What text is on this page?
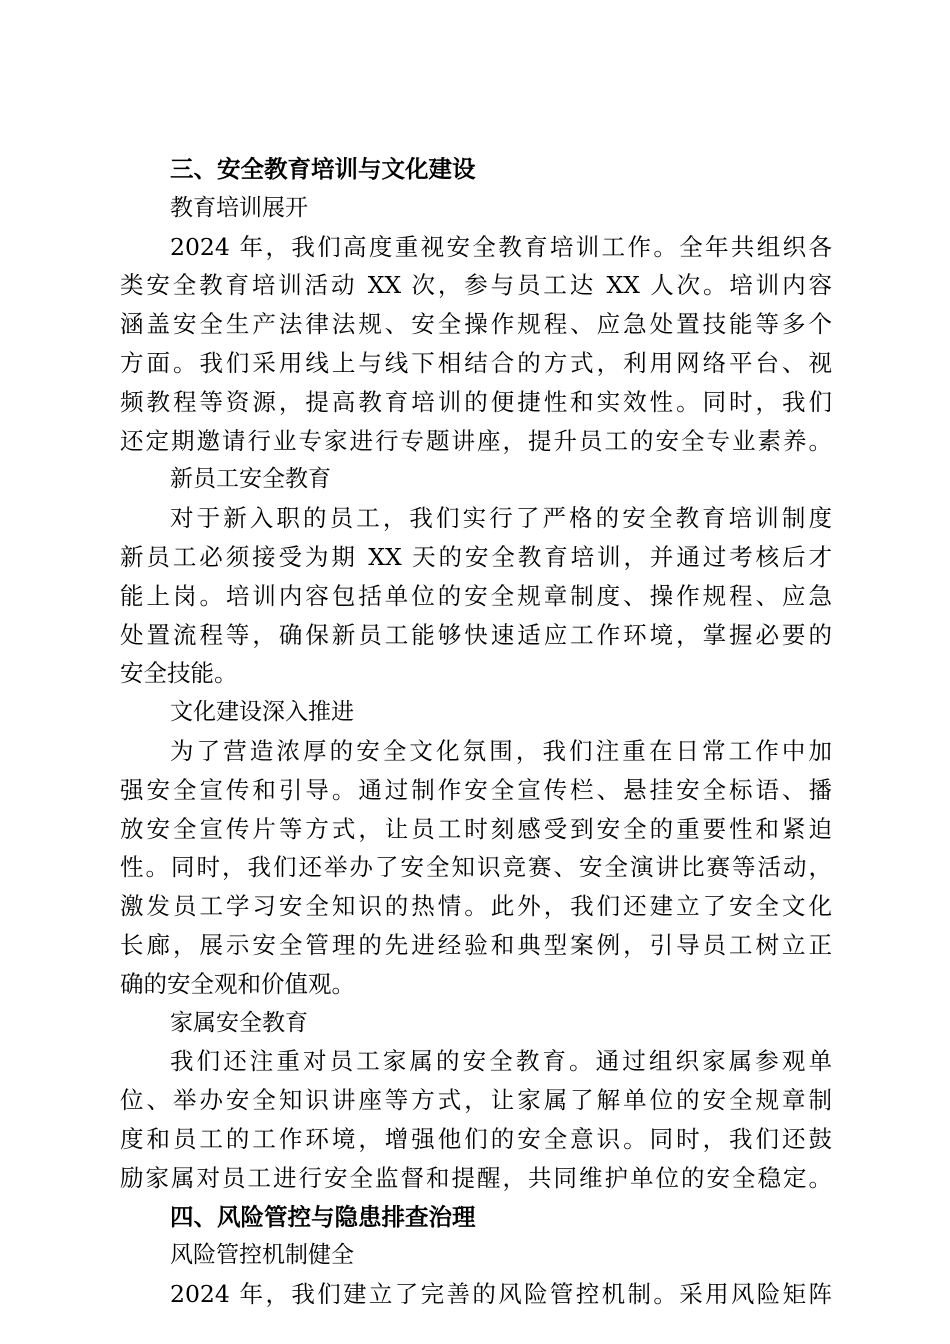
三、安全教育培训与文化建设
教育培训展开
2024 年，我们高度重视安全教育培训工作。全年共组织各
类安全教育培训活动 XX 次，参与员工达 XX 人次。培训内容
涵盖安全生产法律法规、安全操作规程、应急处置技能等多个
方面。我们采用线上与线下相结合的方式，利用网络平台、视
频教程等资源，提高教育培训的便捷性和实效性。同时，我们
还定期邀请行业专家进行专题讲座，提升员工的安全专业素养。
新员工安全教育
对于新入职的员工，我们实行了严格的安全教育培训制度
新员工必须接受为期 XX 天的安全教育培训，并通过考核后才
能上岗。培训内容包括单位的安全规章制度、操作规程、应急
处置流程等，确保新员工能够快速适应工作环境，掌握必要的
安全技能。
文化建设深入推进
为了营造浓厚的安全文化氛围，我们注重在日常工作中加
强安全宣传和引导。通过制作安全宣传栏、悬挂安全标语、播
放安全宣传片等方式，让员工时刻感受到安全的重要性和紧迫
性。同时，我们还举办了安全知识竞赛、安全演讲比赛等活动，
激发员工学习安全知识的热情。此外，我们还建立了安全文化
长廊，展示安全管理的先进经验和典型案例，引导员工树立正
确的安全观和价值观。
家属安全教育
我们还注重对员工家属的安全教育。通过组织家属参观单
位、举办安全知识讲座等方式，让家属了解单位的安全规章制
度和员工的工作环境，增强他们的安全意识。同时，我们还鼓
励家属对员工进行安全监督和提醒，共同维护单位的安全稳定。
四、风险管控与隐患排查治理
风险管控机制健全
2024 年，我们建立了完善的风险管控机制。采用风险矩阵
